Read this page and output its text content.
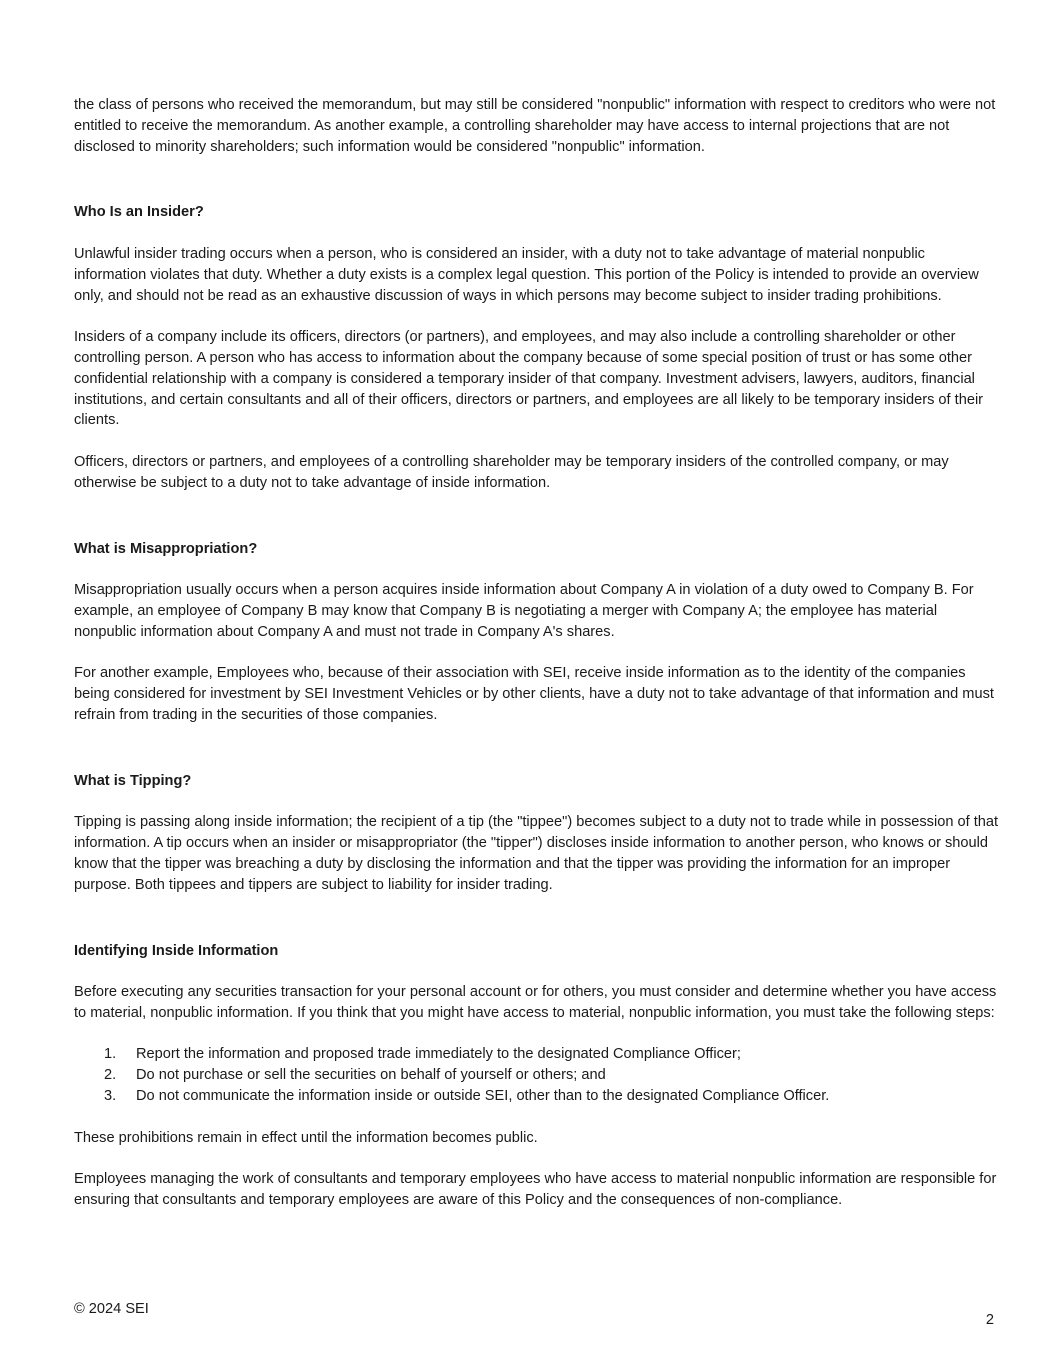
the class of persons who received the memorandum, but may still be considered "nonpublic" information with respect to creditors who were not entitled to receive the memorandum. As another example, a controlling shareholder may have access to internal projections that are not disclosed to minority shareholders; such information would be considered "nonpublic" information.

Who Is an Insider?

Unlawful insider trading occurs when a person, who is considered an insider, with a duty not to take advantage of material nonpublic information violates that duty. Whether a duty exists is a complex legal question. This portion of the Policy is intended to provide an overview only, and should not be read as an exhaustive discussion of ways in which persons may become subject to insider trading prohibitions.

Insiders of a company include its officers, directors (or partners), and employees, and may also include a controlling shareholder or other controlling person. A person who has access to information about the company because of some special position of trust or has some other confidential relationship with a company is considered a temporary insider of that company. Investment advisers, lawyers, auditors, financial institutions, and certain consultants and all of their officers, directors or partners, and employees are all likely to be temporary insiders of their clients.

Officers, directors or partners, and employees of a controlling shareholder may be temporary insiders of the controlled company, or may otherwise be subject to a duty not to take advantage of inside information.

What is Misappropriation?

Misappropriation usually occurs when a person acquires inside information about Company A in violation of a duty owed to Company B. For example, an employee of Company B may know that Company B is negotiating a merger with Company A; the employee has material nonpublic information about Company A and must not trade in Company A's shares.

For another example, Employees who, because of their association with SEI, receive inside information as to the identity of the companies being considered for investment by SEI Investment Vehicles or by other clients, have a duty not to take advantage of that information and must refrain from trading in the securities of those companies.

What is Tipping?

Tipping is passing along inside information; the recipient of a tip (the "tippee") becomes subject to a duty not to trade while in possession of that information. A tip occurs when an insider or misappropriator (the "tipper") discloses inside information to another person, who knows or should know that the tipper was breaching a duty by disclosing the information and that the tipper was providing the information for an improper purpose. Both tippees and tippers are subject to liability for insider trading.

Identifying Inside Information

Before executing any securities transaction for your personal account or for others, you must consider and determine whether you have access to material, nonpublic information. If you think that you might have access to material, nonpublic information, you must take the following steps:

1.	Report the information and proposed trade immediately to the designated Compliance Officer;
2.	Do not purchase or sell the securities on behalf of yourself or others; and
3.	Do not communicate the information inside or outside SEI, other than to the designated Compliance Officer.

These prohibitions remain in effect until the information becomes public.

Employees managing the work of consultants and temporary employees who have access to material nonpublic information are responsible for ensuring that consultants and temporary employees are aware of this Policy and the consequences of non-compliance.

© 2024 SEI
2
